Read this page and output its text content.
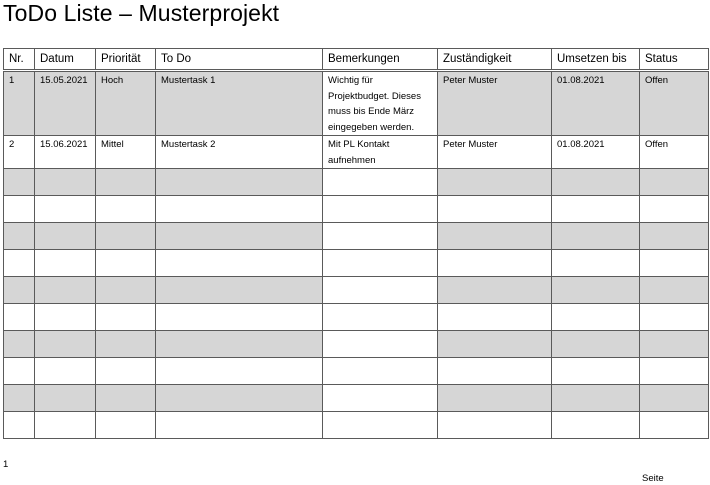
ToDo Liste – Musterprojekt
Nr.	Datum	Priorität	To Do	Bemerkungen	Zuständigkeit	Umsetzen bis	Status
1	15.05.2021	Hoch	Mustertask 1	Wichtig für Projektbudget. Dieses muss bis Ende März eingegeben werden.	Peter Muster	01.08.2021	Offen
2	15.06.2021	Mittel	Mustertask 2	Mit PL Kontakt aufnehmen	Peter Muster	01.08.2021	Offen

1
Seite
